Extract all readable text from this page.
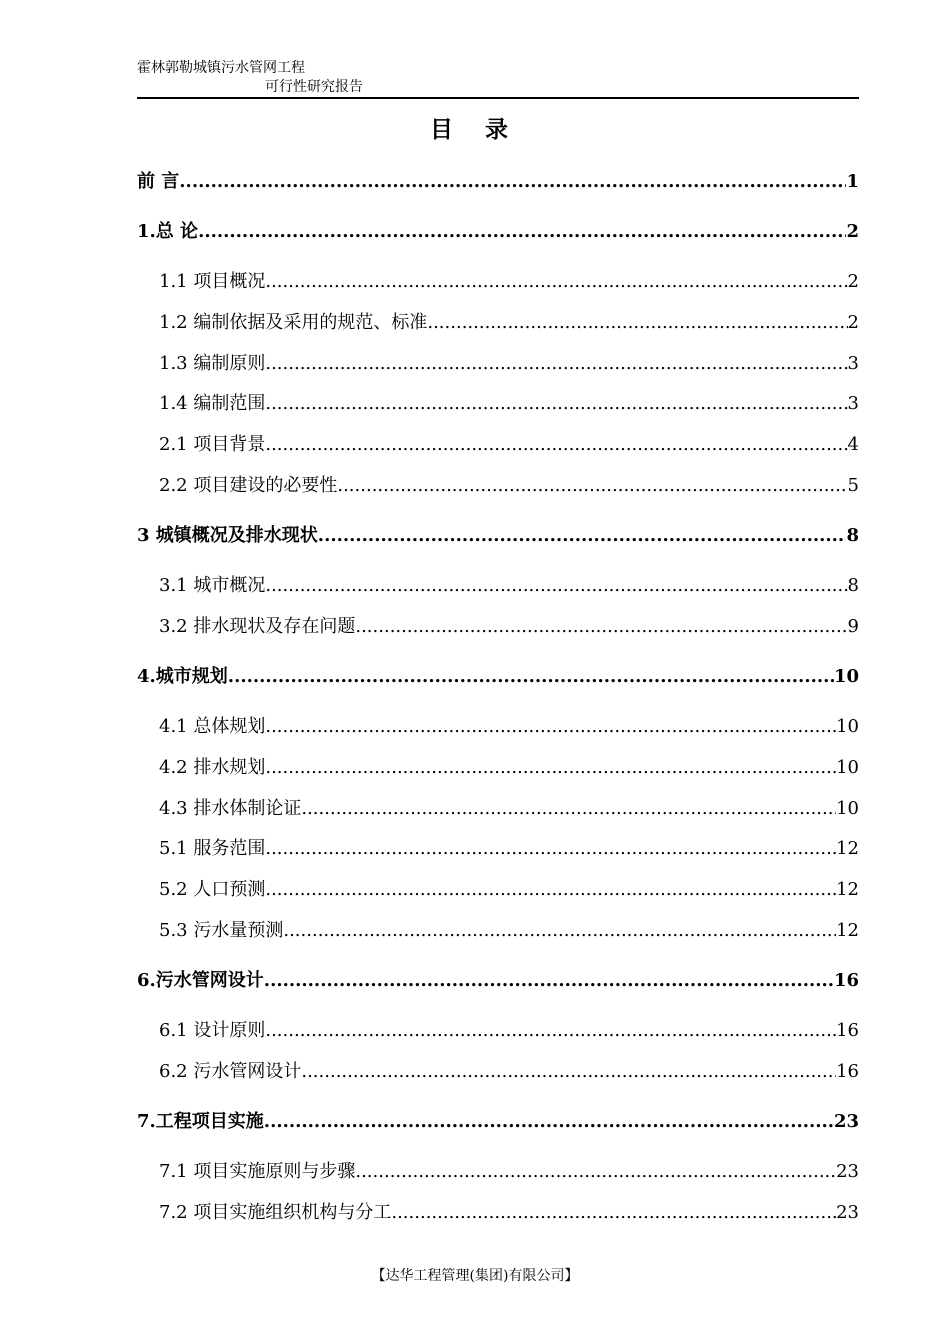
霍林郭勒城镇污水管网工程
可行性研究报告
目 录
前 言 .....	1
1.总 论 .....	2
1.1 项目概况 .....	2
1.2 编制依据及采用的规范、标准 .....	2
1.3 编制原则 .....	3
1.4 编制范围 .....	3
2.1 项目背景 .....	4
2.2 项目建设的必要性 .....	5
3 城镇概况及排水现状 .....	8
3.1 城市概况 .....	8
3.2 排水现状及存在问题 .....	9
4.城市规划 .....	10
4.1 总体规划 .....	10
4.2 排水规划 .....	10
4.3 排水体制论证 .....	10
5.1 服务范围 .....	12
5.2 人口预测 .....	12
5.3 污水量预测 .....	12
6.污水管网设计 .....	16
6.1 设计原则 .....	16
6.2 污水管网设计 .....	16
7.工程项目实施 .....	23
7.1 项目实施原则与步骤 .....	23
7.2 项目实施组织机构与分工 .....	23
【达华工程管理(集团)有限公司】
